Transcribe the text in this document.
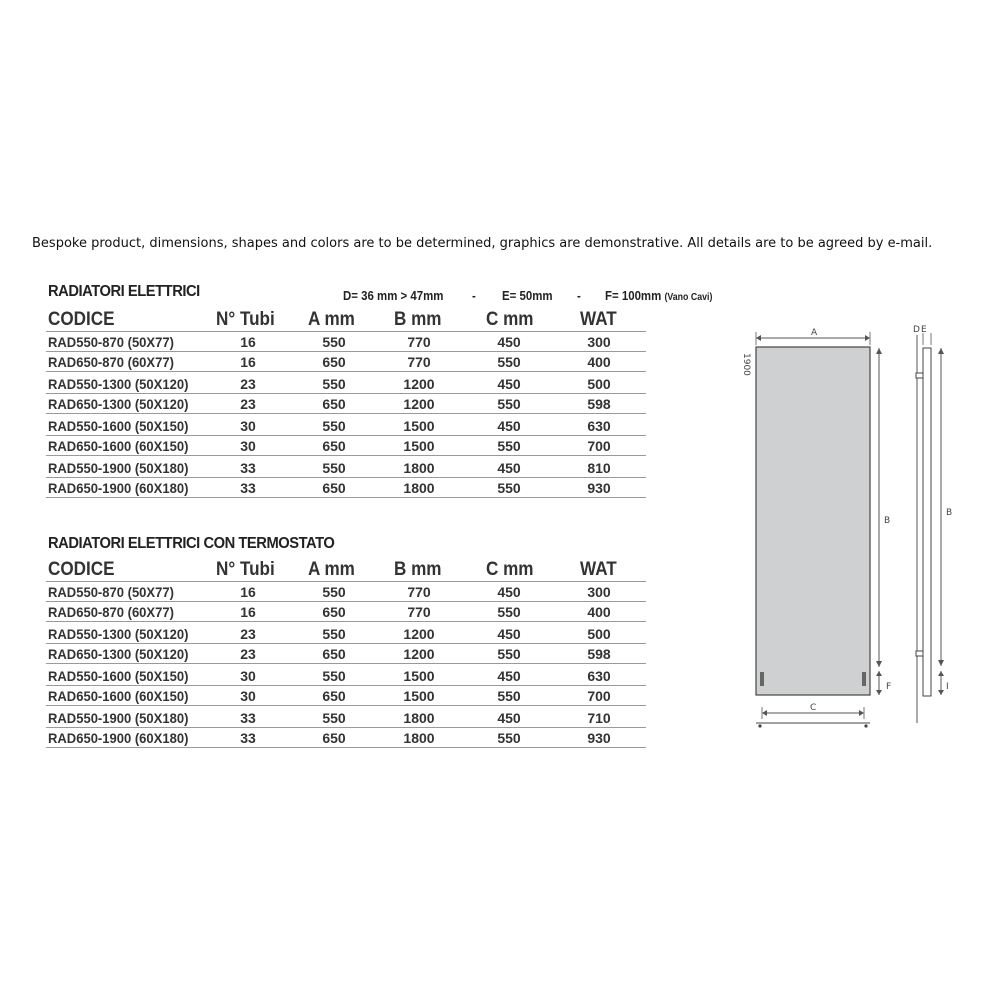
Bespoke product, dimensions, shapes and colors are to be determined, graphics are demonstrative. All details are to be agreed by e-mail.
RADIATORI ELETTRICI	D= 36 mm > 47mm - E= 50mm - F= 100mm (Vano Cavi)
CODICE	N° Tubi A mm B mm C mm WAT
RAD550-870 (50X77)	16	550	770	450	300
RAD650-870 (60X77)	16	650	770	550	400
RAD550-1300 (50X120)	23	550	1200	450	500
RAD650-1300 (50X120)	23	650	1200	550	598
RAD550-1600 (50X150)	30	550	1500	450	630
RAD650-1600 (60X150)	30	650	1500	550	700
RAD550-1900 (50X180)	33	550	1800	450	810
RAD650-1900 (60X180)	33	650	1800	550	930
RADIATORI ELETTRICI CON TERMOSTATO
CODICE	N° Tubi A mm B mm C mm WAT
RAD550-870 (50X77)	16	550	770	450	300
RAD650-870 (60X77)	16	650	770	550	400
RAD550-1300 (50X120)	23	550	1200	450	500
RAD650-1300 (50X120)	23	650	1200	550	598
RAD550-1600 (50X150)	30	550	1500	450	630
RAD650-1600 (60X150)	30	650	1500	550	700
RAD550-1900 (50X180)	33	550	1800	450	710
RAD650-1900 (60X180)	33	650	1800	550	930
A
1900
B
F
C
D E
B
I
